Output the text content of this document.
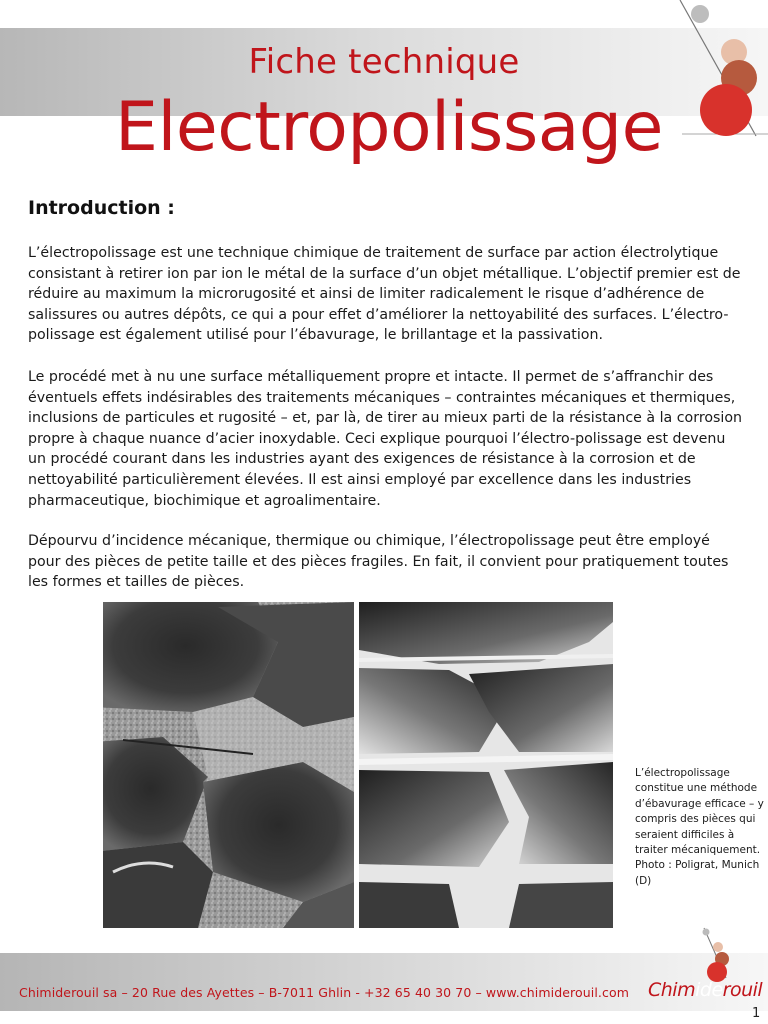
Fiche technique
Electropolissage
Introduction :

L’électropolissage est une technique chimique de traitement de surface par action électrolytique consistant à retirer ion par ion le métal de la surface d’un objet métallique. L’objectif premier est de réduire au maximum la microrugosité et ainsi de limiter radicalement le risque d’adhérence de salissures ou autres dépôts, ce qui a pour effet d’améliorer la nettoyabilité des surfaces. L’électro-polissage est également utilisé pour l’ébavurage, le brillantage et la passivation.

Le procédé met à nu une surface métalliquement propre et intacte. Il permet de s’affranchir des éventuels effets indésirables des traitements mécaniques – contraintes mécaniques et thermiques, inclusions de particules et rugosité – et, par là, de tirer au mieux parti de la résistance à la corrosion propre à chaque nuance d’acier inoxydable. Ceci explique pourquoi l’électro-polissage est devenu un procédé courant dans les industries ayant des exigences de résistance à la corrosion et de nettoyabilité particulièrement élevées. Il est ainsi employé par excellence dans les industries pharmaceutique, biochimique et agroalimentaire.

Dépourvu d’incidence mécanique, thermique ou chimique, l’électropolissage peut être employé pour des pièces de petite taille et des pièces fragiles. En fait, il convient pour pratiquement toutes les formes et tailles de pièces.

L’électropolissage constitue une méthode d’ébavurage efficace – y compris des pièces qui seraient difficiles à traiter mécaniquement. Photo : Poligrat, Munich (D)

Chimiderouil sa – 20 Rue des Ayettes – B-7011 Ghlin - +32 65 40 30 70 – www.chimideroui​l.com Chimiderouil

1
